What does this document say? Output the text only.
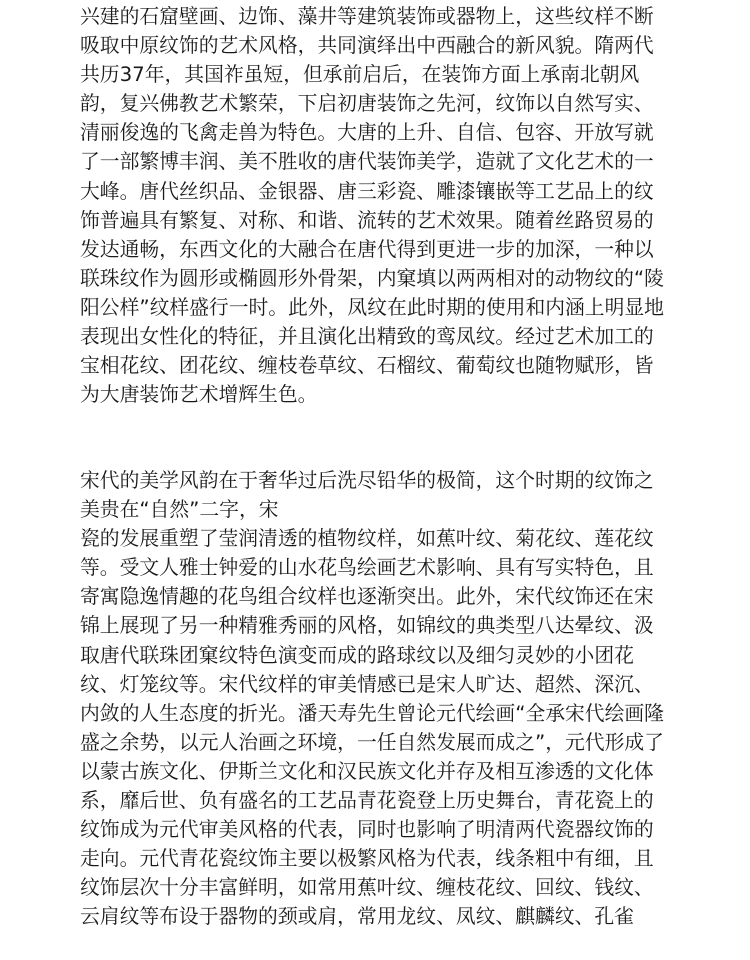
兴建的石窟壁画、边饰、藻井等建筑装饰或器物上，这些纹样不断
吸取中原纹饰的艺术风格，共同演绎出中西融合的新风貌。隋两代
共历37年，其国祚虽短，但承前启后，在装饰方面上承南北朝风
韵，复兴佛教艺术繁荣，下启初唐装饰之先河，纹饰以自然写实、
清丽俊逸的飞禽走兽为特色。大唐的上升、自信、包容、开放写就
了一部繁博丰润、美不胜收的唐代装饰美学，造就了文化艺术的一
大峰。唐代丝织品、金银器、唐三彩瓷、雕漆镶嵌等工艺品上的纹
饰普遍具有繁复、对称、和谐、流转的艺术效果。随着丝路贸易的
发达通畅，东西文化的大融合在唐代得到更进一步的加深，一种以
联珠纹作为圆形或椭圆形外骨架，内窠填以两两相对的动物纹的“陵
阳公样”纹样盛行一时。此外，凤纹在此时期的使用和内涵上明显地
表现出女性化的特征，并且演化出精致的鸾凤纹。经过艺术加工的
宝相花纹、团花纹、缠枝卷草纹、石榴纹、葡萄纹也随物赋形，皆
为大唐装饰艺术增辉生色。
宋代的美学风韵在于奢华过后洗尽铅华的极简，这个时期的纹饰之
美贵在“自然”二字，宋
瓷的发展重塑了莹润清透的植物纹样，如蕉叶纹、菊花纹、莲花纹
等。受文人雅士钟爱的山水花鸟绘画艺术影响、具有写实特色，且
寄寓隐逸情趣的花鸟组合纹样也逐渐突出。此外，宋代纹饰还在宋
锦上展现了另一种精雅秀丽的风格，如锦纹的典类型八达晕纹、汲
取唐代联珠团窠纹特色演变而成的路球纹以及细匀灵妙的小团花
纹、灯笼纹等。宋代纹样的审美情感已是宋人旷达、超然、深沉、
内敛的人生态度的折光。潘天寿先生曾论元代绘画“全承宋代绘画隆
盛之余势，以元人治画之环境，一任自然发展而成之”，元代形成了
以蒙古族文化、伊斯兰文化和汉民族文化并存及相互渗透的文化体
系，靡后世、负有盛名的工艺品青花瓷登上历史舞台，青花瓷上的
纹饰成为元代审美风格的代表，同时也影响了明清两代瓷器纹饰的
走向。元代青花瓷纹饰主要以极繁风格为代表，线条粗中有细，且
纹饰层次十分丰富鲜明，如常用蕉叶纹、缠枝花纹、回纹、钱纹、
云肩纹等布设于器物的颈或肩，常用龙纹、凤纹、麒麟纹、孔雀
